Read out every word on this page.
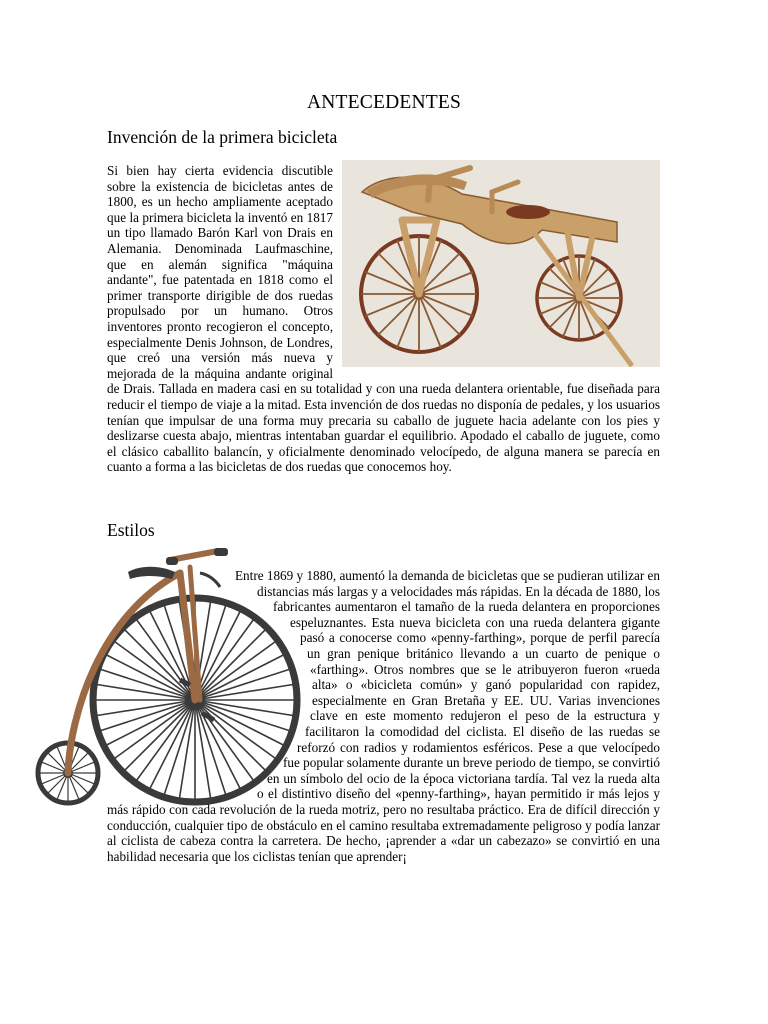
ANTECEDENTES
Invención de la primera bicicleta

Si bien hay cierta evidencia discutible sobre la existencia de bicicletas antes de 1800, es un hecho ampliamente aceptado que la primera bicicleta la inventó en 1817 un tipo llamado Barón Karl von Drais en Alemania. Denominada Laufmaschine, que en alemán significa "máquina andante", fue patentada en 1818 como el primer transporte dirigible de dos ruedas propulsado por un humano. Otros inventores pronto recogieron el concepto, especialmente Denis Johnson, de Londres, que creó una versión más nueva y mejorada de la máquina andante original de Drais. Tallada en madera casi en su totalidad y con una rueda delantera orientable, fue diseñada para reducir el tiempo de viaje a la mitad. Esta invención de dos ruedas no disponía de pedales, y los usuarios tenían que impulsar de una forma muy precaria su caballo de juguete hacia adelante con los pies y deslizarse cuesta abajo, mientras intentaban guardar el equilibrio. Apodado el caballo de juguete, como el clásico caballito balancín, y oficialmente denominado velocípedo, de alguna manera se parecía en cuanto a forma a las bicicletas de dos ruedas que conocemos hoy.

Estilos

Entre 1869 y 1880, aumentó la demanda de bicicletas que se pudieran utilizar en distancias más largas y a velocidades más rápidas. En la década de 1880, los fabricantes aumentaron el tamaño de la rueda delantera en proporciones espeluznantes. Esta nueva bicicleta con una rueda delantera gigante pasó a conocerse como «penny-farthing», porque de perfil parecía un gran penique británico llevando a un cuarto de penique o «farthing». Otros nombres que se le atribuyeron fueron «rueda alta» o «bicicleta común» y ganó popularidad con rapidez, especialmente en Gran Bretaña y EE. UU. Varias invenciones clave en este momento redujeron el peso de la estructura y facilitaron la comodidad del ciclista. El diseño de las ruedas se reforzó con radios y rodamientos esféricos. Pese a que velocípedo fue popular solamente durante un breve periodo de tiempo, se convirtió en un símbolo del ocio de la época victoriana tardía. Tal vez la rueda alta o el distintivo diseño del «penny-farthing», hayan permitido ir más lejos y más rápido con cada revolución de la rueda motriz, pero no resultaba práctico. Era de difícil dirección y conducción, cualquier tipo de obstáculo en el camino resultaba extremadamente peligroso y podía lanzar al ciclista de cabeza contra la carretera. De hecho, ¡aprender a «dar un cabezazo» se convirtió en una habilidad necesaria que los ciclistas tenían que aprender¡
